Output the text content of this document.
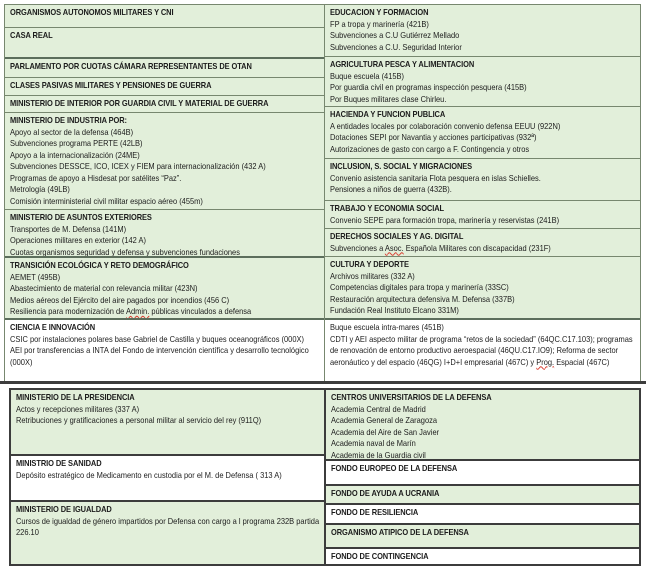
ORGANISMOS AUTONOMOS MILITARES Y CNI
CASA REAL
PARLAMENTO POR CUOTAS CÁMARA REPRESENTANTES DE OTAN
CLASES PASIVAS MILITARES Y PENSIONES DE GUERRA
MINISTERIO DE INTERIOR POR GUARDIA CIVIL Y MATERIAL DE GUERRA
MINISTERIO DE INDUSTRIA POR:
Apoyo al sector de la defensa (464B)
Subvenciones programa PERTE (42LB)
Apoyo a la internacionalización (24ME)
Subvenciones DESSCE, ICO, ICEX y FIEM para internacionalización (432 A)
Programas de apoyo a Hisdesat por satélites “Paz”.
Metrología (49LB)
Comisión interministerial civil militar espacio aéreo (455m)
MINISTERIO DE ASUNTOS EXTERIORES
Transportes de M. Defensa (141M)
Operaciones militares en exterior (142 A)
Cuotas organismos seguridad y defensa y subvenciones fundaciones
TRANSICIÓN ECOLÓGICA Y RETO DEMOGRÁFICO
AEMET (495B)
Abastecimiento de material con relevancia militar (423N)
Medios aéreos del Ejército del aire pagados por incendios (456 C)
Resiliencia para modernización de Admin. públicas vinculados a defensa
CIENCIA E INNOVACIÓN
CSIC por instalaciones polares base Gabriel de Castilla y buques oceanográficos (000X)
AEI por transferencias a INTA del Fondo de intervención científica y desarrollo tecnológico (000X)
EDUCACION Y FORMACION
FP a tropa y marinería (421B)
Subvenciones a C.U Gutiérrez Mellado
Subvenciones a C.U. Seguridad Interior
AGRICULTURA PESCA Y ALIMENTACION
Buque escuela (415B)
Por guardia civil en programas inspección pesquera (415B)
Por Buques militares clase Chirleu.
HACIENDA Y FUNCION PUBLICA
A entidades locales por colaboración convenio defensa EEUU (922N)
Dotaciones SEPI por Navantia y acciones participativas (932ª)
Autorizaciones de gasto con cargo a F. Contingencia y otros
INCLUSION, S. SOCIAL Y MIGRACIONES
Convenio asistencia sanitaria Flota pesquera en islas Schielles.
Pensiones a niños de guerra (432B).
TRABAJO Y ECONOMIA SOCIAL
Convenio SEPE para formación tropa, marinería y reservistas (241B)
DERECHOS SOCIALES Y AG. DIGITAL
Subvenciones a Asoc. Española Militares con discapacidad (231F)
CULTURA Y DEPORTE
Archivos militares (332 A)
Competencias digitales para tropa y marinería (33SC)
Restauración arquitectura defensiva M. Defensa (337B)
Fundación Real Instituto Elcano 331M)
Buque escuela intra-mares (451B)
CDTI y AEI aspecto militar de programa “retos de la sociedad” (64QC.C17.103); programas de renovación de entorno productivo aeroespacial (46QU.C17.IO9); Reforma de sector aeronáutico y del espacio (46QG) I+D+I empresarial (467C) y Prog. Espacial (467C)
MINISTERIO DE LA PRESIDENCIA
Actos y recepciones militares (337 A)
Retribuciones y gratificaciones a personal militar al servicio del rey (911Q)
MINISTRIO DE SANIDAD
Depósito estratégico de Medicamento en custodia por el M. de Defensa ( 313 A)
MINISTERIO DE IGUALDAD
Cursos de igualdad de género impartidos por Defensa con cargo a l programa 232B partida 226.10
CENTROS UNIVERSITARIOS DE LA DEFENSA
Academia Central de Madrid
Academia General de Zaragoza
Academia del Aire de San Javier
Academia naval de Marín
Academia de la Guardia civil
FONDO EUROPEO DE LA DEFENSA
FONDO DE AYUDA A UCRANIA
FONDO DE RESILIENCIA
ORGANISMO ATIPICO DE LA DEFENSA
FONDO DE CONTINGENCIA
